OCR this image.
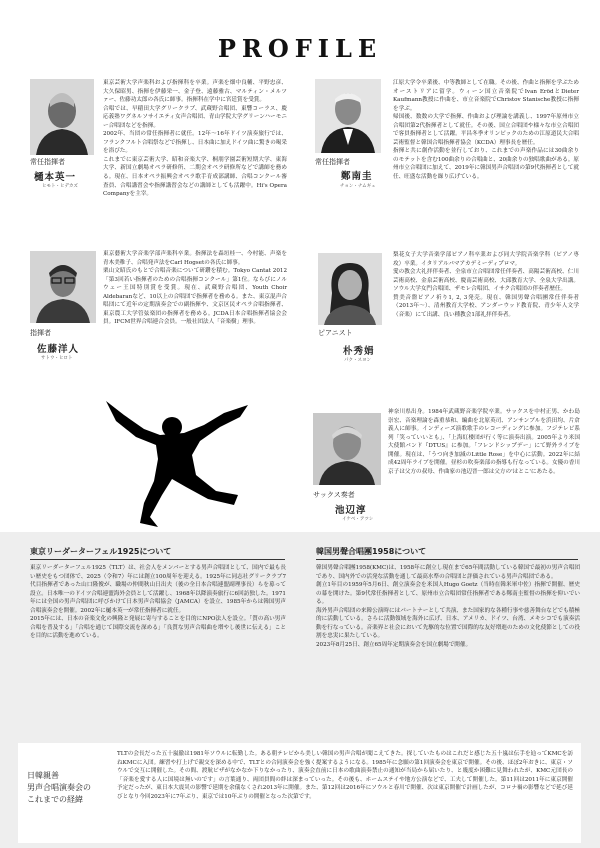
PROFILE
常任指揮者
樋本英一
ヒモト・ヒデカズ

東京芸術大学声楽科および指揮科を卒業。声楽を畑中良輔、平野忠彦、大久保昭男、指揮を伊藤栄一、金子登、遠藤雅古、マルティン・メルツァー、佐藤功太郎の各氏に師事。指揮科在学中に宮廷賞を受賞。

合唱では、早稲田大学グリークラブ、武蔵野合唱団、東響コーラス、慶応義塾ワグネルソサイエティ女声合唱団、青山学院大学グリーンハーモニー合唱団などを指揮。

2002年、当団の常任指揮者に就任。12年～16年ドイツ演奏旅行では、フランクフルト合唱祭などで指揮し、日本曲に加えドイツ曲に驚きの喝采を浴びた。

これまでに東京芸術大学、昭和音楽大学、桐朋学園芸術短期大学、東海大学、新国立劇場オペラ研修所、二期会オペラ研修所などで講師を務める。現在、日本オペラ振興会オペラ歌手育成部講師、合唱コンクール審査員、合唱講習会や指揮講習会などの講師としても活躍中。Hi's Opera Companyを主宰。

常任指揮者
鄭南圭
チョン・ナムギュ

江原大学令卒業後、中等教師として在職。その後、作曲と指揮を学ぶためオーストリアに留学。ウィーン国立音楽院でIvan ErödとDieter Kaufmann教授に作曲を、市立音楽院でChristov Stanische教授に指揮を学ぶ。

帰国後、数数の大学で指揮、作曲および理論を講義し、1997年原州市立合唱団第2代指揮者として就任。その後、国立合唱団や様々な市立合唱団で客員指揮者として活躍。平昌冬季オリンピックのための江原道民大合唱芸術監督と韓国合唱指揮者協会（KCDA）理事長を歴任。

指揮と共に創作活動を並行しており、これまでの声楽作品には30曲余りのモテットを含む100曲余りの合唱曲と、20曲余りの独唱歌曲がある。原州市立合唱団に加えて、2019年に韓国男声合唱団の第9代指揮者として就任、旺盛な活動を繰り広げている。

指揮者
佐藤洋人
サトウ・ヒロト

東京藝術大学音楽学部声楽科卒業。指揮法を森垣桂一、今村能、声楽を青木美稚子、合唱発声法をCarl Hogsetの各氏に師事。

栗山文昭氏のもとで合唱音楽について研鑽を積む。Tokyo Cantat 2012「第3回若い指揮者のための合唱指揮コンクール」第1位。ならびにノルウェー王国特別賞を受賞。現在、武蔵野合唱団、Youth Choir Aldebaranなど、10以上の合唱団で指揮者を務める。また、東京混声合唱団にて近年の定期演奏会での副指揮や、文京区民オペラ合唱指揮者、東京農工大学管弦楽団の指揮者を務める。JCDA日本合唱指揮者協会会員。IFCM世界合唱連合会員。一般社団法人「音楽樹」理事。

ピアニスト
朴秀娟
パク・スヨン

梨花女子大学音楽学部ピアノ科卒業および同大学院音楽学科（ピアノ専攻）卒業。イタリアルバマアカデミーディプロマ。

愛の教会大礼拝伴奏者、全泉市立合唱団常任伴奏者、高陽芸術高校、仁川芸術高校、金泉芸術高校、慶南芸術高校、大邱教育大学、全泉大学出講。ソウル大学女門合唱団、ザモレ合唱団、イサク合唱団の伴奏者歴任。

賛美音盤ピアノ祈り1, 2, 3発売。現在、韓国男聲合唱團常任伴奏者（2013年～）、清州教育大学校、アンダーウッド教育院、青少年人文学（音楽）にて出講、良い種教会1部礼拝伴奏者。

サックス奏者
池辺淳
イケベ・アツシ

神奈川県出身。1984年武蔵野音楽学院卒業。サックスを中村正男、かわ島崇宏、音楽理論を森重恭和、編曲を北原英司、アンサンブルを浜田均、片倉義人に師事。インディーズ演歌歌手のレコーディングに参加。フジテレビ系列「笑っていいとも」、「上海紅楼団が行く等に演奏出演。2005年より米国大使館バンド『DTUS』に参加。「フレンドシップデー」にて野外ライブを開催。現在は、「うつ向き加減のLittle Rose」を中心に活動。2022年に結成42周年ライブを開催。昼杉の吹奏楽部の指導も行なっている。女優の香川京子は父方の叔母、作曲家の池辺晋一郎は父方の'はとこ'にあたる。

東京リーダーターフェル1925について

東京リーダーターフェル1925（TLT）は、社会人をメンバーとする男声合唱団として、国内で最も長い歴史をもつ団体で、2025（令和7）年には創立100周年を迎える。1925年に同志社グリークラブ7代目指揮者であった山口隆俊が、職場の仲間秋山日出夫（後の全日本合唱連盟副理事長）らを募って設立。日本唯一のドイツ合唱連盟海外会員として活躍し、1968年以降演奏旅行に6回訪独した。1971年には全国の男声合唱団に呼びかけて日本男声合唱協会（JAMCA）を設立、1985年からは韓国男声合唱演奏会を開催。2002年に樋本英一が常任指揮者に就任。

2015年には、日本の音楽文化の興隆と発展に寄与することを目的にNPO法人を設立。「質の高い男声合唱を普及する」「合唱を通じて国際交流を深める」「良質な男声合唱曲を増やし後世に伝える」ことを目的に活動を進めている。

韓国男聲合唱團1958について

韓国男聲合唱團1958(KMC)は、1958年に創立し現在まで65年間活動している韓国で最初の男声合唱団であり、国内外での活発な活動を通して最高水準の合唱団と評価されている男声合唱団である。

創立1年目の1959年5月6日、創立演奏会を米国人Hugo Goetz（当時在韓米軍中佐）指揮で開催、歴史の幕を開けた。第9代常任指揮者として、原州市立合唱団常任指揮者である鄭南圭監督の指揮を仰いでいる。

海外男声合唱団の来韓公演時にはパートナーとして共演、また国家的な各種行事や慈善舞台などでも積極的に活動している。さらに活動領域を海外に広げ、日本、アメリカ、ドイツ、台湾、メキシコでも演奏活動を行なっている。音楽界と社会において先駆的な位置で国際的な友好増進のための文化使節としての役割を忠実に果たしている。

2023年8月25日、創立65周年定期演奏会を国立劇場で開催。

日韓親善
男声合唱演奏会の
これまでの経緯
TLTの会長だった五十嵐徹は1981年ソウルに転勤した。ある朝テレビから美しい韓国の男声合唱が聞こえてきた。探していたものはこれだと感じた五十嵐は伝手を辿ってKMCを訪ねKMCに入団。練習や打上げで親交を深める中で、TLTとの合同演奏会を強く提案するようになる。1985年に念願の第1回演奏会を東京で開催。その後、ほぼ2年おきに、東京・ソウルで交互に開催した。その間、渡航ビザがなかなか下りなかったり、演奏会直前に日本の歌曲演奏禁止の通知が当局から届いたり、と幾度か困難に見舞われたが、KMC元団長の「音楽を愛する人に国境は無いのです」の言葉通り、両団員間の絆は深まっていった。その後も、ホームステイや地方公演などで、工夫して開催した。第11回は2011年に東京開催予定だったが、東日本大震災の影響で延期を余儀なくされ2013年に開催。また、第12回は2016年にソウルと春川で開催、次は東京開催で計画したが、コロナ禍の影響などで延び延びとなり今回2023年に7年ぶり、東京では10年ぶりの開催となった次第です。
